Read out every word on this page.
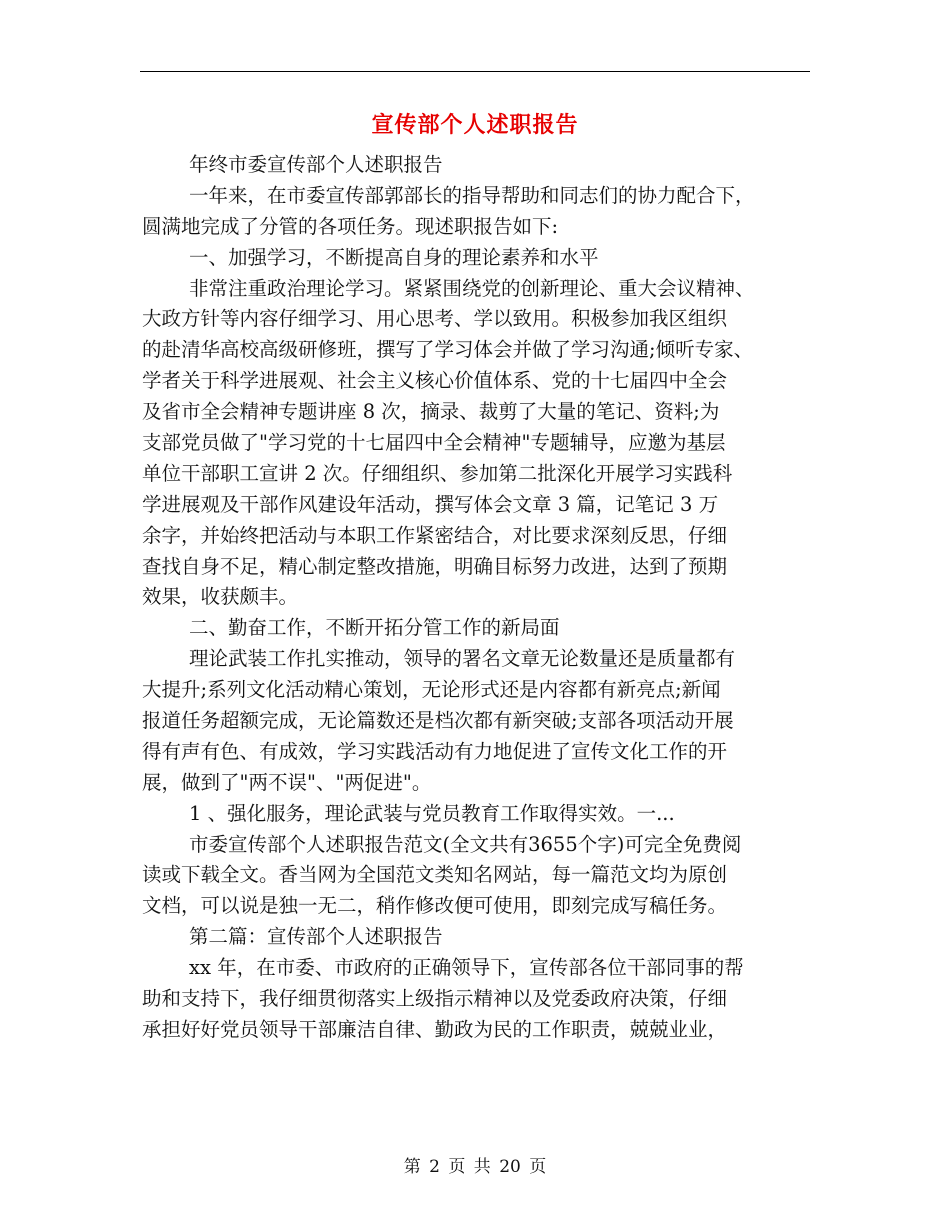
宣传部个人述职报告
年终市委宣传部个人述职报告
一年来，在市委宣传部郭部长的指导帮助和同志们的协力配合下，
圆满地完成了分管的各项任务。现述职报告如下:
一、加强学习，不断提高自身的理论素养和水平
非常注重政治理论学习。紧紧围绕党的创新理论、重大会议精神、
大政方针等内容仔细学习、用心思考、学以致用。积极参加我区组织
的赴清华高校高级研修班，撰写了学习体会并做了学习沟通;倾听专家、
学者关于科学进展观、社会主义核心价值体系、党的十七届四中全会
及省市全会精神专题讲座 8 次，摘录、裁剪了大量的笔记、资料;为
支部党员做了"学习党的十七届四中全会精神"专题辅导，应邀为基层
单位干部职工宣讲 2 次。仔细组织、参加第二批深化开展学习实践科
学进展观及干部作风建设年活动，撰写体会文章 3 篇，记笔记 3 万
余字，并始终把活动与本职工作紧密结合，对比要求深刻反思，仔细
查找自身不足，精心制定整改措施，明确目标努力改进，达到了预期
效果，收获颇丰。
二、勤奋工作，不断开拓分管工作的新局面
理论武装工作扎实推动，领导的署名文章无论数量还是质量都有
大提升;系列文化活动精心策划，无论形式还是内容都有新亮点;新闻
报道任务超额完成，无论篇数还是档次都有新突破;支部各项活动开展
得有声有色、有成效，学习实践活动有力地促进了宣传文化工作的开
展，做到了"两不误"、"两促进"。
1 、强化服务，理论武装与党员教育工作取得实效。一...
市委宣传部个人述职报告范文(全文共有3655个字)可完全免费阅
读或下载全文。香当网为全国范文类知名网站，每一篇范文均为原创
文档，可以说是独一无二，稍作修改便可使用，即刻完成写稿任务。
第二篇：宣传部个人述职报告
xx 年，在市委、市政府的正确领导下，宣传部各位干部同事的帮
助和支持下，我仔细贯彻落实上级指示精神以及党委政府决策，仔细
承担好好党员领导干部廉洁自律、勤政为民的工作职责，兢兢业业，
第 2 页 共 20 页
